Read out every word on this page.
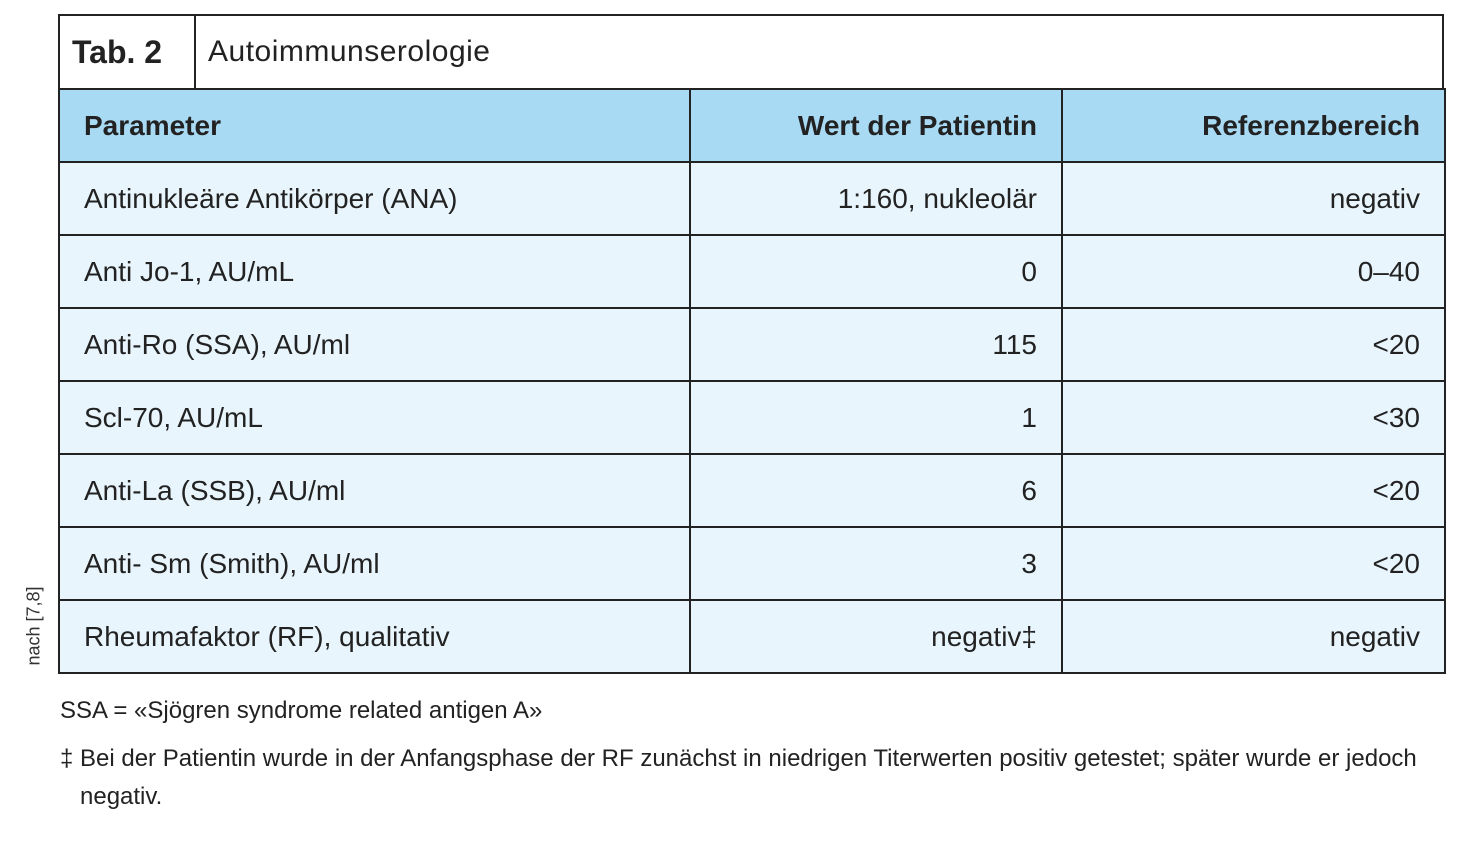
nach [7,8]
Tab. 2	Autoimmunserologie
Parameter	Wert der Patientin	Referenzbereich
Antinukleäre Antikörper (ANA)	1:160, nukleolär	negativ
Anti Jo-1, AU/mL	0	0–40
Anti-Ro (SSA), AU/ml	115	<20
Scl-70, AU/mL	1	<30
Anti-La (SSB), AU/ml	6	<20
Anti- Sm (Smith), AU/ml	3	<20
Rheumafaktor (RF), qualitativ	negativ‡	negativ
SSA = «Sjögren syndrome related antigen A»
‡ Bei der Patientin wurde in der Anfangsphase der RF zunächst in niedrigen Titerwerten positiv getestet; später wurde er jedoch negativ.
